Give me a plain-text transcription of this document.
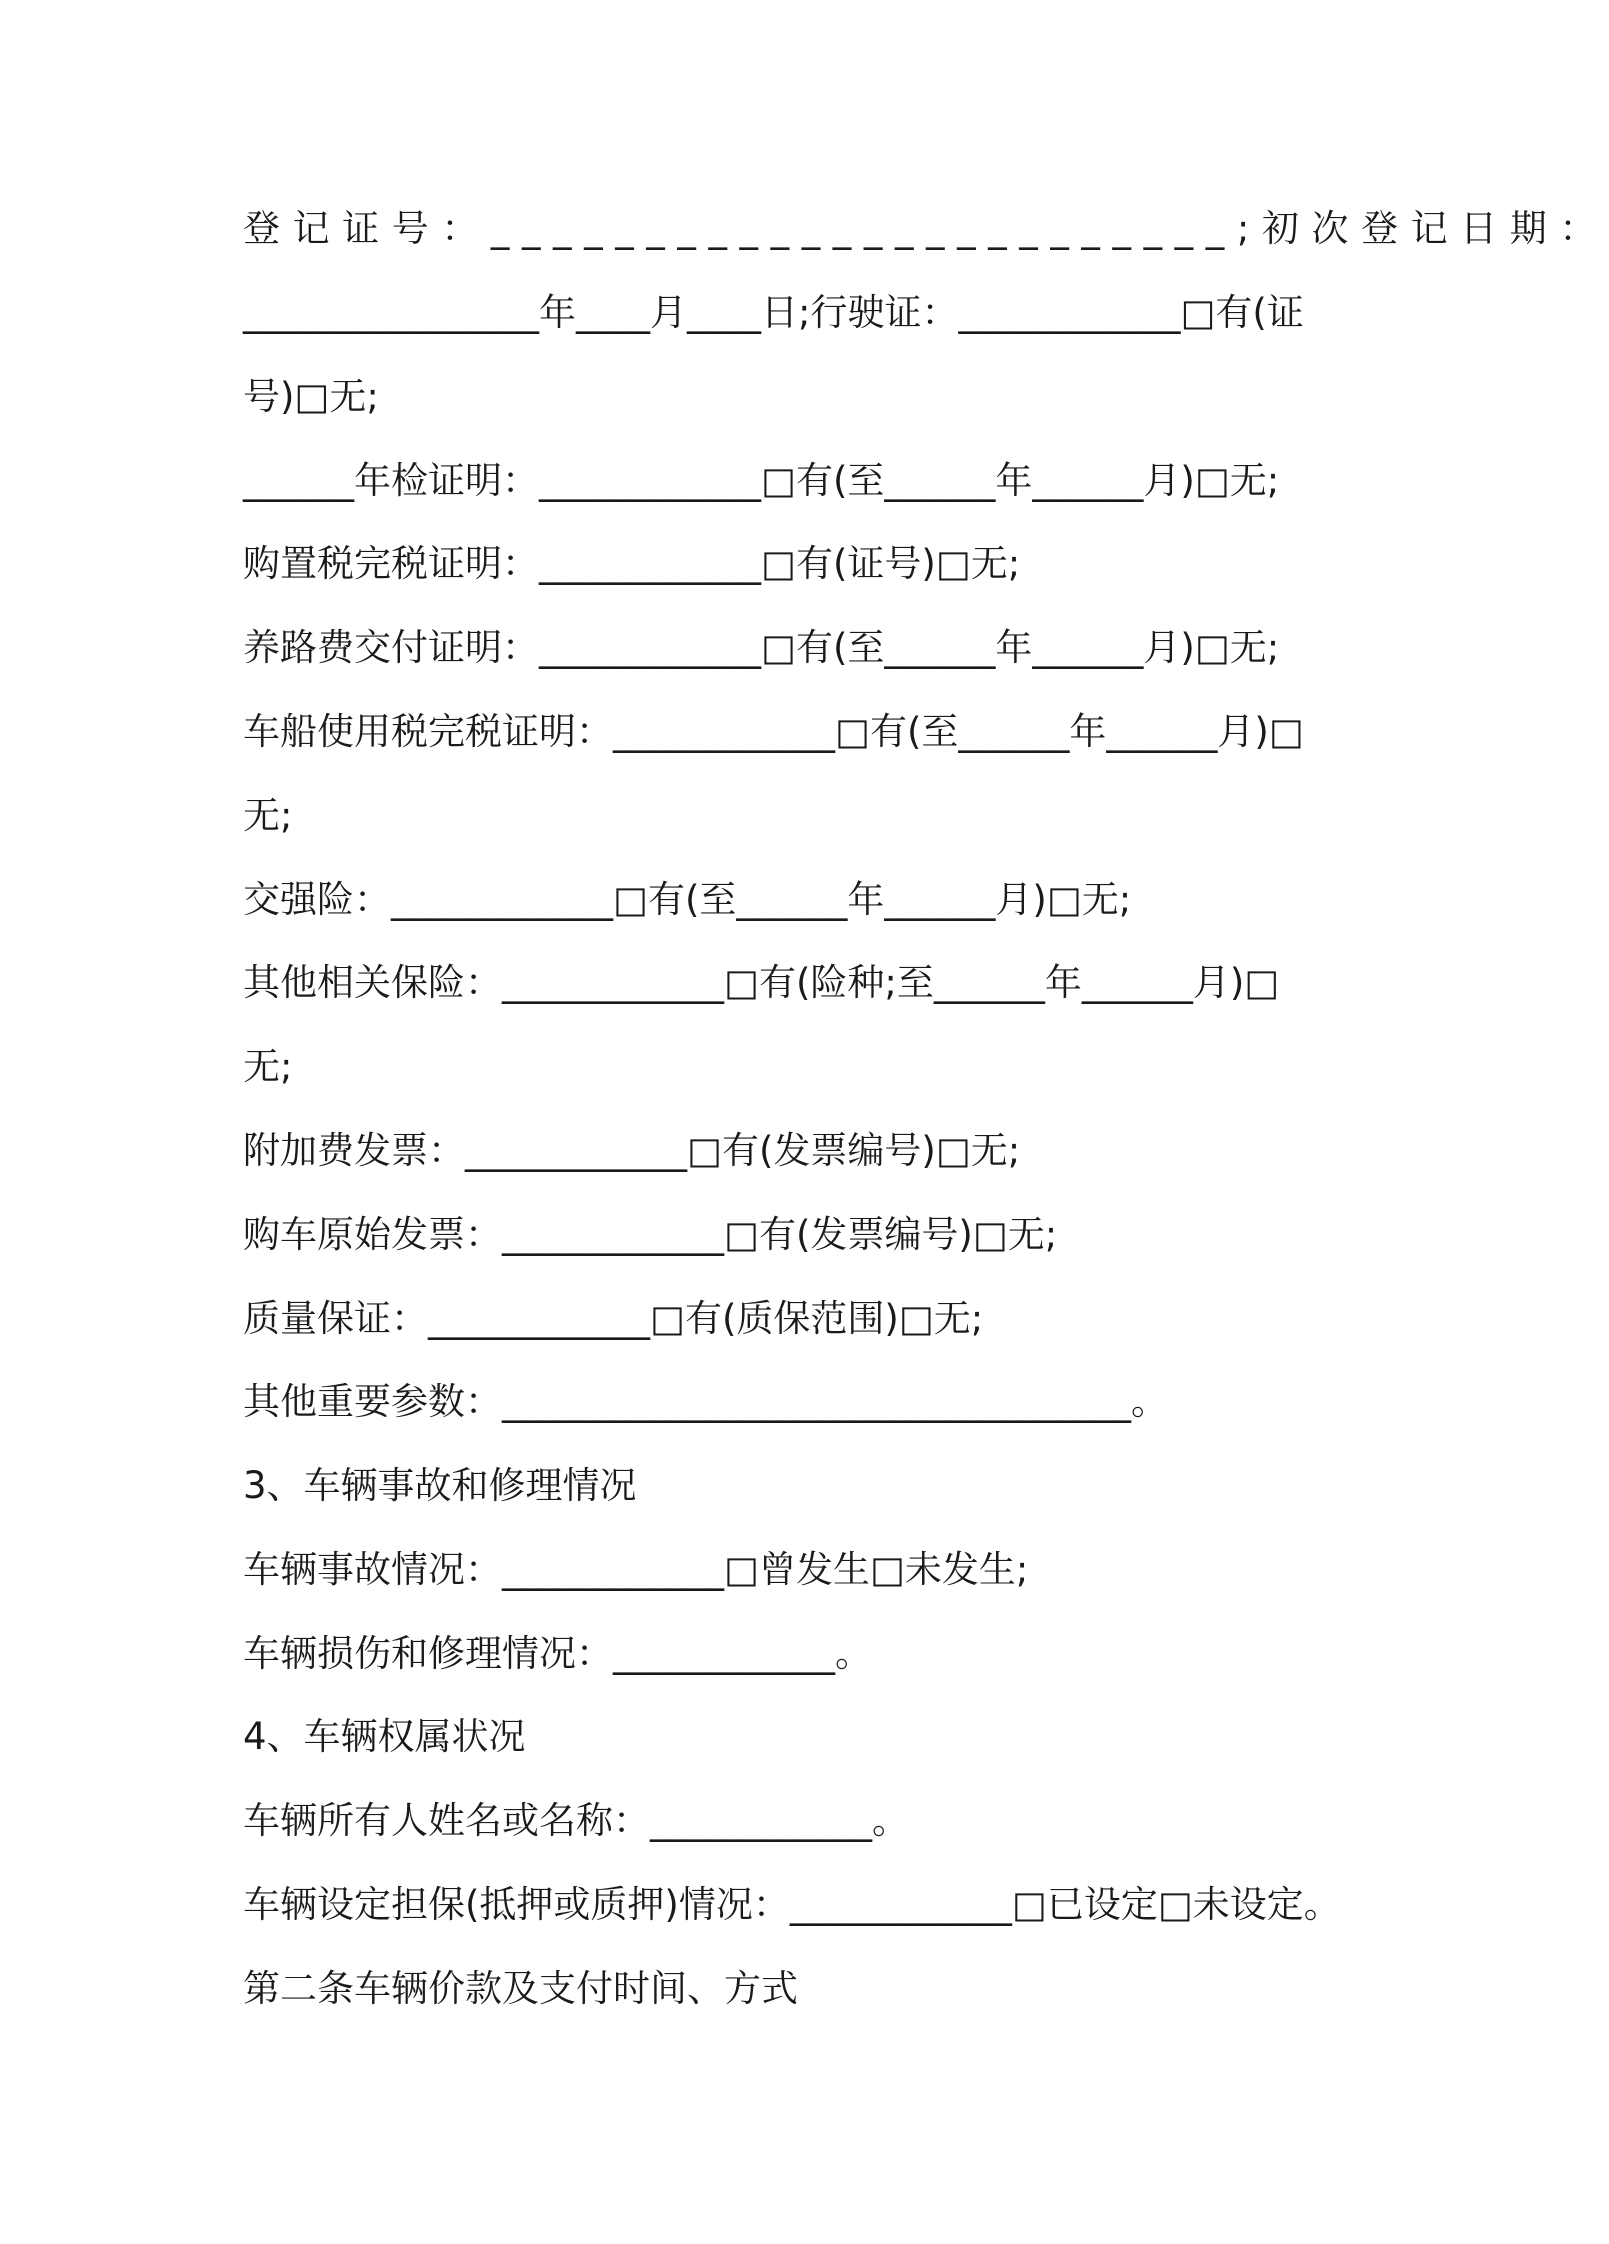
登记证号：________________________;初次登记日期：
________________年____月____日;行驶证：____________□有(证
号)□无;
______年检证明：____________□有(至______年______月)□无;
购置税完税证明：____________□有(证号)□无;
养路费交付证明：____________□有(至______年______月)□无;
车船使用税完税证明：____________□有(至______年______月)□
无;
交强险：____________□有(至______年______月)□无;
其他相关保险：____________□有(险种;至______年______月)□
无;
附加费发票：____________□有(发票编号)□无;
购车原始发票：____________□有(发票编号)□无;
质量保证：____________□有(质保范围)□无;
其他重要参数：__________________________________。
3、车辆事故和修理情况
车辆事故情况：____________□曾发生□未发生;
车辆损伤和修理情况：____________。
4、车辆权属状况
车辆所有人姓名或名称：____________。
车辆设定担保(抵押或质押)情况：____________□已设定□未设定。
第二条车辆价款及支付时间、方式
